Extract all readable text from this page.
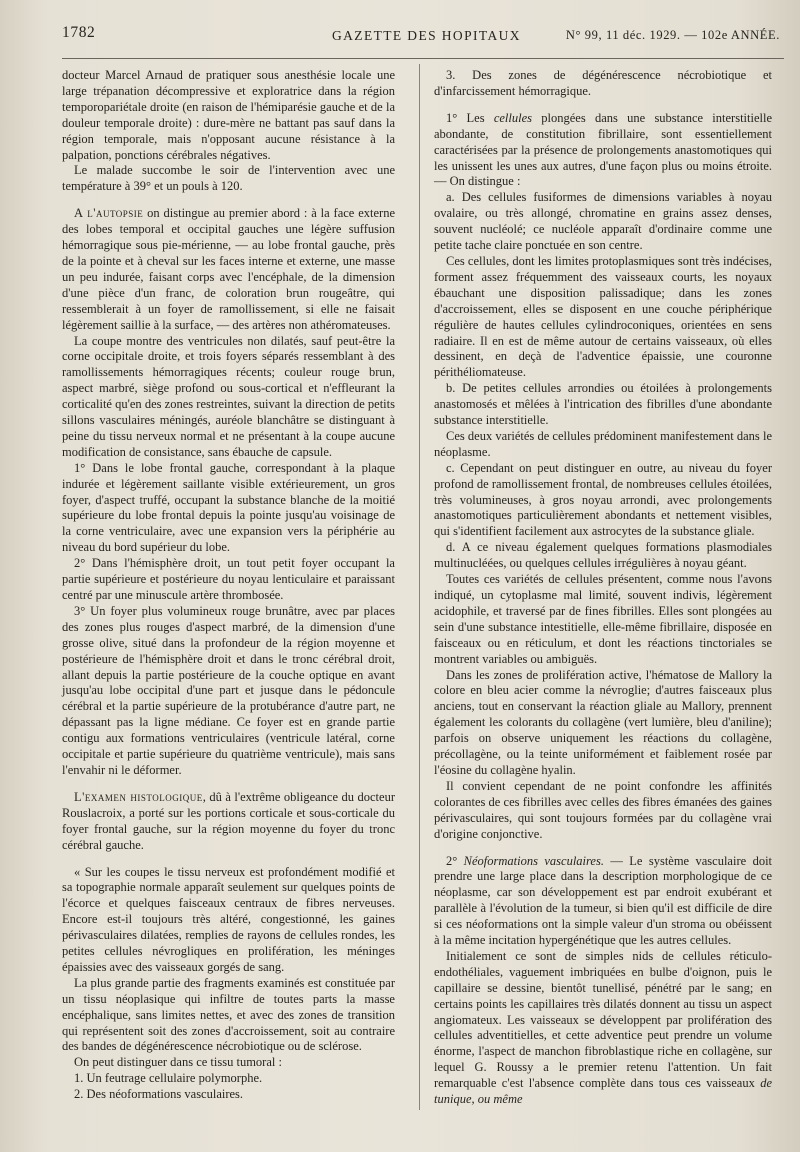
1782	GAZETTE DES HOPITAUX	N° 99, 11 déc. 1929. — 102e ANNÉE.

docteur Marcel Arnaud de pratiquer sous anesthésie locale une large trépanation décompressive et exploratrice dans la région temporopariétale droite (en raison de l'hémiparésie gauche et de la douleur temporale droite) : dure-mère ne battant pas sauf dans la région temporale, mais n'opposant aucune résistance à la palpation, ponctions cérébrales négatives.

Le malade succombe le soir de l'intervention avec une température à 39° et un pouls à 120.

A l'autopsie on distingue au premier abord : à la face externe des lobes temporal et occipital gauches une légère suffusion hémorragique sous pie-mérienne, — au lobe frontal gauche, près de la pointe et à cheval sur les faces interne et externe, une masse un peu indurée, faisant corps avec l'encéphale, de la dimension d'une pièce d'un franc, de coloration brun rougeâtre, qui ressemblerait à un foyer de ramollissement, si elle ne faisait légèrement saillie à la surface, — des artères non athéromateuses.

La coupe montre des ventricules non dilatés, sauf peut-être la corne occipitale droite, et trois foyers séparés ressemblant à des ramollissements hémorragiques récents; couleur rouge brun, aspect marbré, siège profond ou sous-cortical et n'effleurant la corticalité qu'en des zones restreintes, suivant la direction de petits sillons vasculaires méningés, auréole blanchâtre se distinguant à peine du tissu nerveux normal et ne présentant à la coupe aucune modification de consistance, sans ébauche de capsule.

1° Dans le lobe frontal gauche, correspondant à la plaque indurée et légèrement saillante visible extérieurement, un gros foyer, d'aspect truffé, occupant la substance blanche de la moitié supérieure du lobe frontal depuis la pointe jusqu'au voisinage de la corne ventriculaire, avec une expansion vers la périphérie au niveau du bord supérieur du lobe.

2° Dans l'hémisphère droit, un tout petit foyer occupant la partie supérieure et postérieure du noyau lenticulaire et paraissant centré par une minuscule artère thrombosée.

3° Un foyer plus volumineux rouge brunâtre, avec par places des zones plus rouges d'aspect marbré, de la dimension d'une grosse olive, situé dans la profondeur de la région moyenne et postérieure de l'hémisphère droit et dans le tronc cérébral droit, allant depuis la partie postérieure de la couche optique en avant jusqu'au lobe occipital d'une part et jusque dans le pédoncule cérébral et la partie supérieure de la protubérance d'autre part, ne dépassant pas la ligne médiane. Ce foyer est en grande partie contigu aux formations ventriculaires (ventricule latéral, corne occipitale et partie supérieure du quatrième ventricule), mais sans l'envahir ni le déformer.

L'examen histologique, dû à l'extrême obligeance du docteur Rouslacroix, a porté sur les portions corticale et sous-corticale du foyer frontal gauche, sur la région moyenne du foyer du tronc cérébral gauche.

« Sur les coupes le tissu nerveux est profondément modifié et sa topographie normale apparaît seulement sur quelques points de l'écorce et quelques faisceaux centraux de fibres nerveuses. Encore est-il toujours très altéré, congestionné, les gaines périvasculaires dilatées, remplies de rayons de cellules rondes, les petites cellules névrogliques en prolifération, les méninges épaissies avec des vaisseaux gorgés de sang.

La plus grande partie des fragments examinés est constituée par un tissu néoplasique qui infiltre de toutes parts la masse encéphalique, sans limites nettes, et avec des zones de transition qui représentent soit des zones d'accroissement, soit au contraire des bandes de dégénérescence nécrobiotique ou de sclérose.

On peut distinguer dans ce tissu tumoral :

1. Un feutrage cellulaire polymorphe.
2. Des néoformations vasculaires.

3. Des zones de dégénérescence nécrobiotique et d'infarcissement hémorragique.

1° Les cellules plongées dans une substance interstitielle abondante, de constitution fibrillaire, sont essentiellement caractérisées par la présence de prolongements anastomotiques qui les unissent les unes aux autres, d'une façon plus ou moins étroite. — On distingue :

a. Des cellules fusiformes de dimensions variables à noyau ovalaire, ou très allongé, chromatine en grains assez denses, souvent nucléolé; ce nucléole apparaît d'ordinaire comme une petite tache claire ponctuée en son centre.

Ces cellules, dont les limites protoplasmiques sont très indécises, forment assez fréquemment des vaisseaux courts, les noyaux ébauchant une disposition palissadique; dans les zones d'accroissement, elles se disposent en une couche périphérique régulière de hautes cellules cylindroconiques, orientées en sens radiaire. Il en est de même autour de certains vaisseaux, où elles dessinent, en deçà de l'adventice épaissie, une couronne périthéliomateuse.

b. De petites cellules arrondies ou étoilées à prolongements anastomosés et mêlées à l'intrication des fibrilles d'une abondante substance interstitielle.

Ces deux variétés de cellules prédominent manifestement dans le néoplasme.

c. Cependant on peut distinguer en outre, au niveau du foyer profond de ramollissement frontal, de nombreuses cellules étoilées, très volumineuses, à gros noyau arrondi, avec prolongements anastomotiques particulièrement abondants et nettement visibles, qui s'identifient facilement aux astrocytes de la substance gliale.

d. A ce niveau également quelques formations plasmodiales multinucléées, ou quelques cellules irrégulières à noyau géant.

Toutes ces variétés de cellules présentent, comme nous l'avons indiqué, un cytoplasme mal limité, souvent indivis, légèrement acidophile, et traversé par de fines fibrilles. Elles sont plongées au sein d'une substance intestitielle, elle-même fibrillaire, disposée en faisceaux ou en réticulum, et dont les réactions tinctoriales se montrent variables ou ambiguës.

Dans les zones de prolifération active, l'hématose de Mallory la colore en bleu acier comme la névroglie; d'autres faisceaux plus anciens, tout en conservant la réaction gliale au Mallory, prennent également les colorants du collagène (vert lumière, bleu d'aniline); parfois on observe uniquement les réactions du collagène, précollagène, ou la teinte uniformément et faiblement rosée par l'éosine du collagène hyalin.

Il convient cependant de ne point confondre les affinités colorantes de ces fibrilles avec celles des fibres émanées des gaines périvasculaires, qui sont toujours formées par du collagène vrai d'origine conjonctive.

2° Néoformations vasculaires. — Le système vasculaire doit prendre une large place dans la description morphologique de ce néoplasme, car son développement est par endroit exubérant et parallèle à l'évolution de la tumeur, si bien qu'il est difficile de dire si ces néoformations ont la simple valeur d'un stroma ou obéissent à la même incitation hypergénétique que les autres cellules.

Initialement ce sont de simples nids de cellules réticulo-endothéliales, vaguement imbriquées en bulbe d'oignon, puis le capillaire se dessine, bientôt tunellisé, pénétré par le sang; en certains points les capillaires très dilatés donnent au tissu un aspect angiomateux. Les vaisseaux se développent par prolifération des cellules adventitielles, et cette adventice peut prendre un volume énorme, l'aspect de manchon fibroblastique riche en collagène, sur lequel G. Roussy a le premier retenu l'attention. Un fait remarquable c'est l'absence complète dans tous ces vaisseaux de tunique, ou même
